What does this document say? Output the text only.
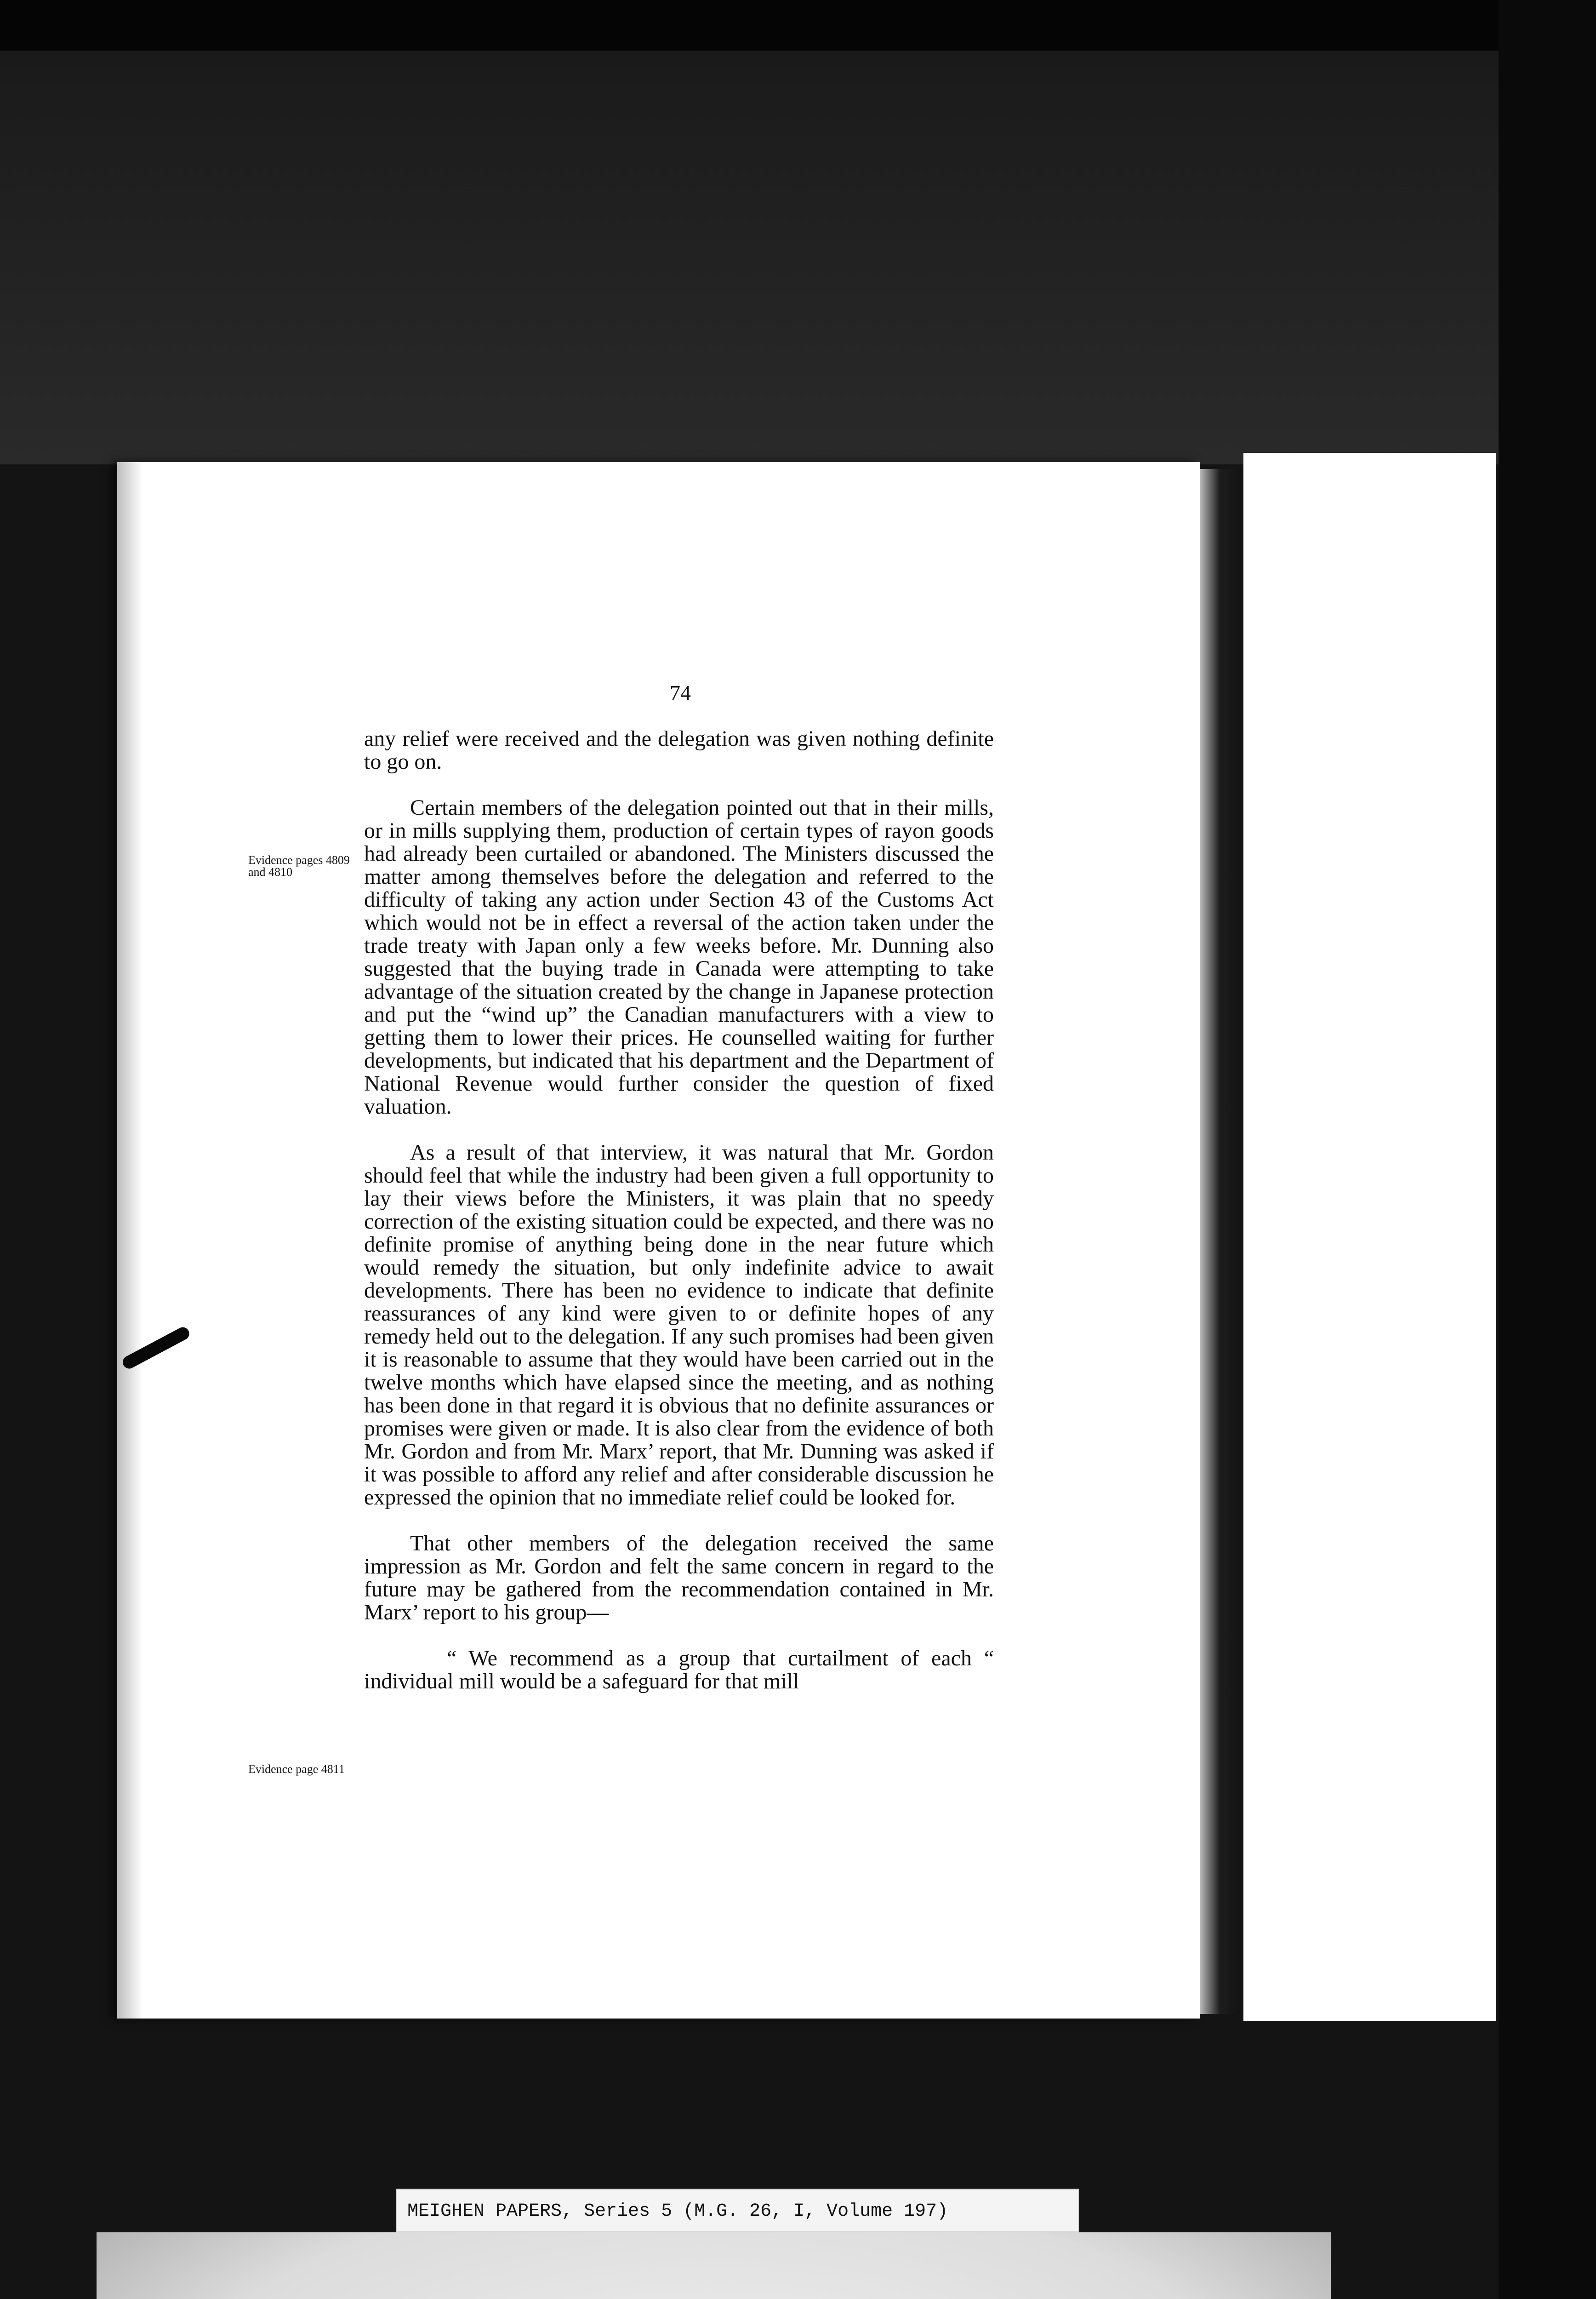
74
Evidence pages 4809 and 4810
Evidence page 4811

any relief were received and the delegation was given nothing definite to go on.

Certain members of the delegation pointed out that in their mills, or in mills supplying them, production of certain types of rayon goods had already been curtailed or abandoned. The Ministers discussed the matter among themselves before the delegation and referred to the difficulty of taking any action under Section 43 of the Customs Act which would not be in effect a reversal of the action taken under the trade treaty with Japan only a few weeks before. Mr. Dunning also suggested that the buying trade in Canada were attempting to take advantage of the situation created by the change in Japanese protection and put the “wind up” the Canadian manufacturers with a view to getting them to lower their prices. He counselled waiting for further developments, but indicated that his department and the Department of National Revenue would further consider the question of fixed valuation.

As a result of that interview, it was natural that Mr. Gordon should feel that while the industry had been given a full opportunity to lay their views before the Ministers, it was plain that no speedy correction of the existing situation could be expected, and there was no definite promise of anything being done in the near future which would remedy the situation, but only indefinite advice to await developments. There has been no evidence to indicate that definite reassurances of any kind were given to or definite hopes of any remedy held out to the delegation. If any such promises had been given it is reasonable to assume that they would have been carried out in the twelve months which have elapsed since the meeting, and as nothing has been done in that regard it is obvious that no definite assurances or promises were given or made. It is also clear from the evidence of both Mr. Gordon and from Mr. Marx’ report, that Mr. Dunning was asked if it was possible to afford any relief and after considerable discussion he expressed the opinion that no immediate relief could be looked for.

That other members of the delegation received the same impression as Mr. Gordon and felt the same concern in regard to the future may be gathered from the recommendation contained in Mr. Marx’ report to his group—

“ We recommend as a group that curtailment of each “ individual mill would be a safeguard for that mill

MEIGHEN PAPERS, Series 5 (M.G. 26, I, Volume 197)
